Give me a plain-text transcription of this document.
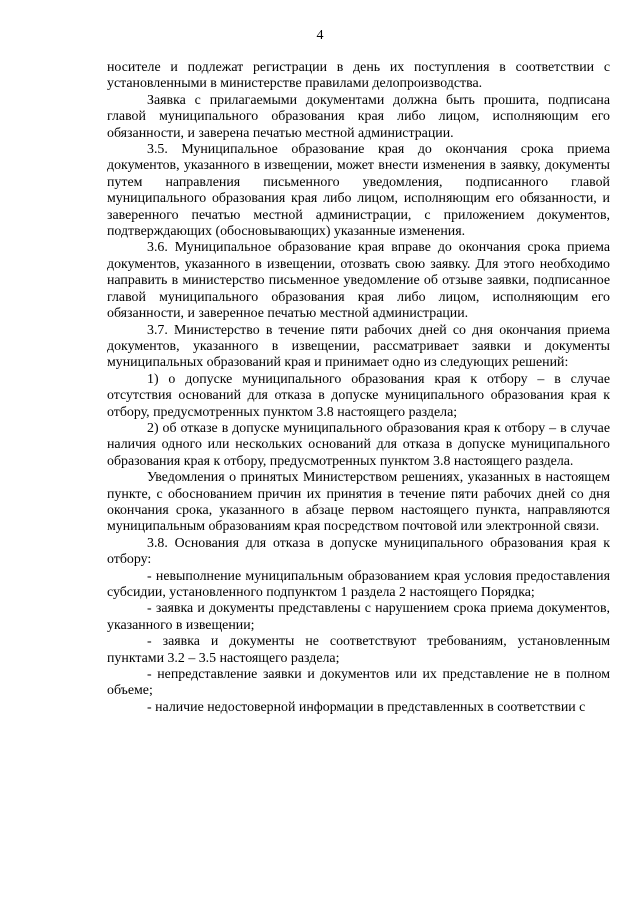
4

носителе и подлежат регистрации в день их поступления в соответствии с установленными в министерстве правилами делопроизводства.

Заявка с прилагаемыми документами должна быть прошита, подписана главой муниципального образования края либо лицом, исполняющим его обязанности, и заверена печатью местной администрации.

3.5. Муниципальное образование края до окончания срока приема документов, указанного в извещении, может внести изменения в заявку, документы путем направления письменного уведомления, подписанного главой муниципального образования края либо лицом, исполняющим его обязанности, и заверенного печатью местной администрации, с приложением документов, подтверждающих (обосновывающих) указанные изменения.

3.6. Муниципальное образование края вправе до окончания срока приема документов, указанного в извещении, отозвать свою заявку. Для этого необходимо направить в министерство письменное уведомление об отзыве заявки, подписанное главой муниципального образования края либо лицом, исполняющим его обязанности, и заверенное печатью местной администрации.

3.7. Министерство в течение пяти рабочих дней со дня окончания приема документов, указанного в извещении, рассматривает заявки и документы муниципальных образований края и принимает одно из следующих решений:

1) о допуске муниципального образования края к отбору – в случае отсутствия оснований для отказа в допуске муниципального образования края к отбору, предусмотренных пунктом 3.8 настоящего раздела;

2) об отказе в допуске муниципального образования края к отбору – в случае наличия одного или нескольких оснований для отказа в допуске муниципального образования края к отбору, предусмотренных пунктом 3.8 настоящего раздела.

Уведомления о принятых Министерством решениях, указанных в настоящем пункте, с обоснованием причин их принятия в течение пяти рабочих дней со дня окончания срока, указанного в абзаце первом настоящего пункта, направляются муниципальным образованиям края посредством почтовой или электронной связи.

3.8. Основания для отказа в допуске муниципального образования края к отбору:

- невыполнение муниципальным образованием края условия предоставления субсидии, установленного подпунктом 1 раздела 2 настоящего Порядка;

- заявка и документы представлены с нарушением срока приема документов, указанного в извещении;

- заявка и документы не соответствуют требованиям, установленным пунктами 3.2 – 3.5 настоящего раздела;

- непредставление заявки и документов или их представление не в полном объеме;

- наличие недостоверной информации в представленных в соответствии с
